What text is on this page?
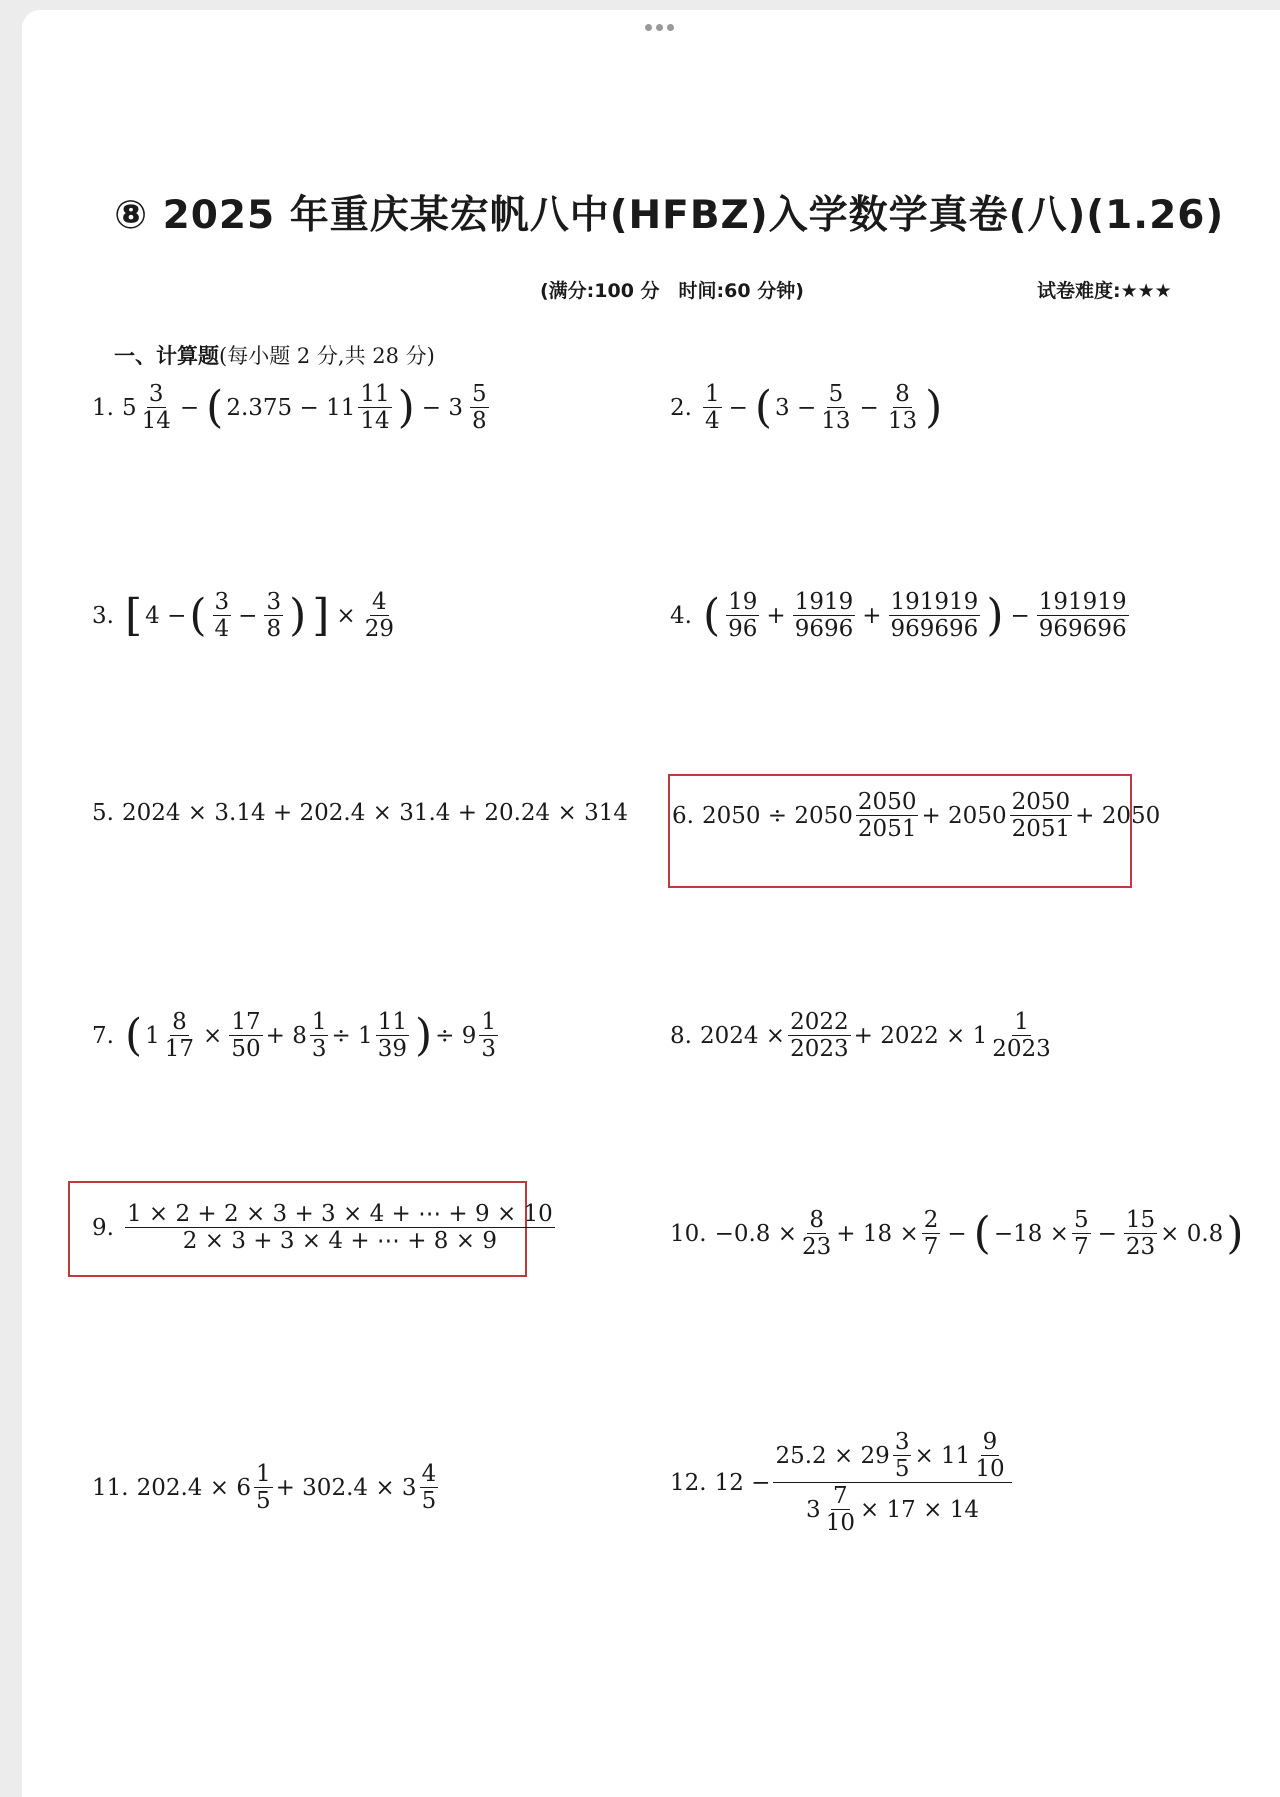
⑧ 2025 年重庆某宏帆八中(HFBZ)入学数学真卷(八)(1.26)
(满分:100 分　时间:60 分钟)	试卷难度:★★★
一、计算题(每小题 2 分,共 28 分)
1. $5 \frac{3}{14}$ − ( $2.375 - 11 \frac{11}{14}$ ) − $3 \frac{5}{8}$	2. $\frac{1}{4}$ − ( $3 - \frac{5}{13} - \frac{8}{13}$ )
3. [ 4 − ( $\frac{3}{4} - \frac{3}{8}$ ) ] × $\frac{4}{29}$	4. ( $\frac{19}{96} + \frac{1919}{9696} + \frac{191919}{969696}$ ) − $\frac{191919}{969696}$
5. 2024 × 3.14 + 202.4 × 31.4 + 20.24 × 314 6. $2050 \div 2050 \frac{2050}{2051} + 2050 \frac{2050}{2051} + 2050$
7. ( $1 \frac{8}{17} \times \frac{17}{50} + 8 \frac{1}{3} \div 1 \frac{11}{39}$ ) ÷ $9 \frac{1}{3}$	8. $2024 \times \frac{2022}{2023} + 2022 \times 1 \frac{1}{2023}$
9. $\frac{1 \times 2 + 2 \times 3 + 3 \times 4 + \cdots + 9 \times 10}{2 \times 3 + 3 \times 4 + \cdots + 8 \times 9}$	10. $-0.8 \times \frac{8}{23} + 18 \times \frac{2}{7}$ − ( $-18 \times \frac{5}{7} - \frac{15}{23} \times 0.8$ )
11. $202.4 \times 6 \frac{1}{5} + 302.4 \times 3 \frac{4}{5}$	12. $12 - \frac{25.2 \times 29 \frac{3}{5} \times 11 \frac{9}{10}}{3 \frac{7}{10} \times 17 \times 14}$
